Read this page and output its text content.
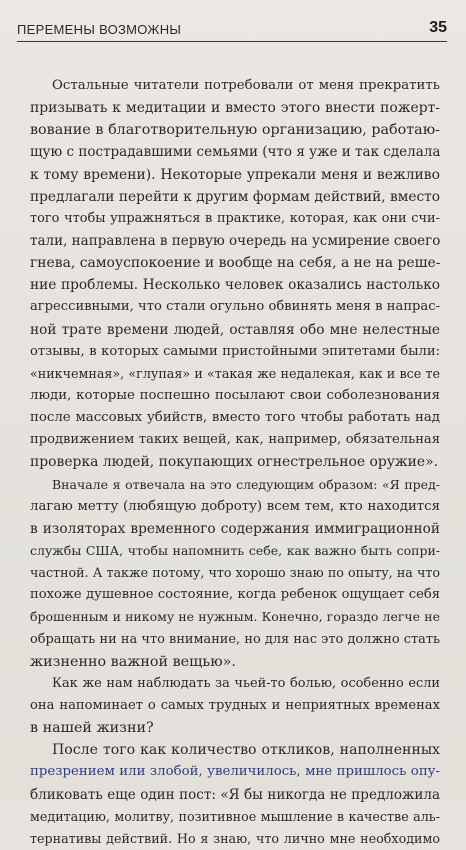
ПЕРЕМЕНЫ ВОЗМОЖНЫ	35
Остальные читатели потребовали от меня прекратить
призывать к медитации и вместо этого внести пожерт-
вование в благотворительную организацию, работаю-
щую с пострадавшими семьями (что я уже и так сделала
к тому времени). Некоторые упрекали меня и вежливо
предлагали перейти к другим формам действий, вместо
того чтобы упражняться в практике, которая, как они счи-
тали, направлена в первую очередь на усмирение своего
гнева, самоуспокоение и вообще на себя, а не на реше-
ние проблемы. Несколько человек оказались настолько
агрессивными, что стали огульно обвинять меня в напрас-
ной трате времени людей, оставляя обо мне нелестные
отзывы, в которых самыми пристойными эпитетами были:
«никчемная», «глупая» и «такая же недалекая, как и все те
люди, которые поспешно посылают свои соболезнования
после массовых убийств, вместо того чтобы работать над
продвижением таких вещей, как, например, обязательная
проверка людей, покупающих огнестрельное оружие».
Вначале я отвечала на это следующим образом: «Я пред-
лагаю метту (любящую доброту) всем тем, кто находится
в изоляторах временного содержания иммиграционной
службы США, чтобы напомнить себе, как важно быть сопри-
частной. А также потому, что хорошо знаю по опыту, на что
похоже душевное состояние, когда ребенок ощущает себя
брошенным и никому не нужным. Конечно, гораздо легче не
обращать ни на что внимание, но для нас это должно стать
жизненно важной вещью».
Как же нам наблюдать за чьей-то болью, особенно если
она напоминает о самых трудных и неприятных временах
в нашей жизни?
После того как количество откликов, наполненных
презрением или злобой, увеличилось, мне пришлось опу-
бликовать еще один пост: «Я бы никогда не предложила
медитацию, молитву, позитивное мышление в качестве аль-
тернативы действий. Но я знаю, что лично мне необходимо
